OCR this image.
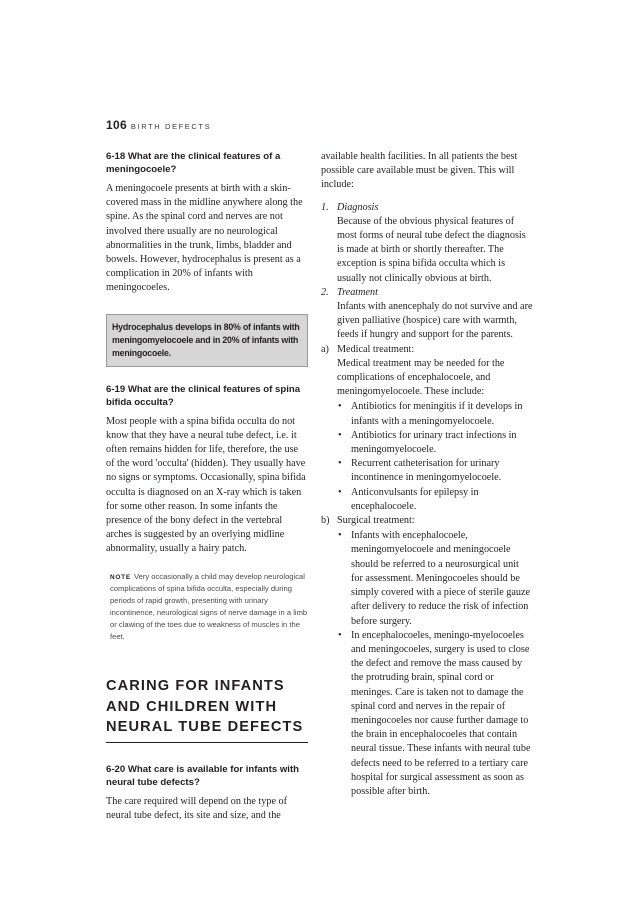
106 BIRTH DEFECTS

6-18 What are the clinical features of a meningocoele?

A meningocoele presents at birth with a skin-covered mass in the midline anywhere along the spine. As the spinal cord and nerves are not involved there usually are no neurological abnormalities in the trunk, limbs, bladder and bowels. However, hydrocephalus is present as a complication in 20% of infants with meningocoeles.

Hydrocephalus develops in 80% of infants with meningomyelocoele and in 20% of infants with meningocoele.

6-19 What are the clinical features of spina bifida occulta?

Most people with a spina bifida occulta do not know that they have a neural tube defect, i.e. it often remains hidden for life, therefore, the use of the word 'occulta' (hidden). They usually have no signs or symptoms. Occasionally, spina bifida occulta is diagnosed on an X-ray which is taken for some other reason. In some infants the presence of the bony defect in the vertebral arches is suggested by an overlying midline abnormality, usually a hairy patch.

NOTE Very occasionally a child may develop neurological complications of spina bifida occulta, especially during periods of rapid growth, presenting with urinary incontinence, neurological signs of nerve damage in a limb or clawing of the toes due to weakness of muscles in the feet.

CARING FOR INFANTS AND CHILDREN WITH NEURAL TUBE DEFECTS

6-20 What care is available for infants with neural tube defects?

The care required will depend on the type of neural tube defect, its site and size, and the

available health facilities. In all patients the best possible care available must be given. This will include:

1. Diagnosis
Because of the obvious physical features of most forms of neural tube defect the diagnosis is made at birth or shortly thereafter. The exception is spina bifida occulta which is usually not clinically obvious at birth.
2. Treatment
Infants with anencephaly do not survive and are given palliative (hospice) care with warmth, feeds if hungry and support for the parents.
a) Medical treatment:
Medical treatment may be needed for the complications of encephalocoele, and meningomyelocoele. These include:
• Antibiotics for meningitis if it develops in infants with a meningomyelocoele.
• Antibiotics for urinary tract infections in meningomyelocoele.
• Recurrent catheterisation for urinary incontinence in meningomyelocoele.
• Anticonvulsants for epilepsy in encephalocoele.
b) Surgical treatment:
• Infants with encephalocoele, meningomyelocoele and meningocoele should be referred to a neurosurgical unit for assessment. Meningocoeles should be simply covered with a piece of sterile gauze after delivery to reduce the risk of infection before surgery.
• In encephalocoeles, meningo-myelocoeles and meningocoeles, surgery is used to close the defect and remove the mass caused by the protruding brain, spinal cord or meninges. Care is taken not to damage the spinal cord and nerves in the repair of meningocoeles nor cause further damage to the brain in encephalocoeles that contain neural tissue. These infants with neural tube defects need to be referred to a tertiary care hospital for surgical assessment as soon as possible after birth.
